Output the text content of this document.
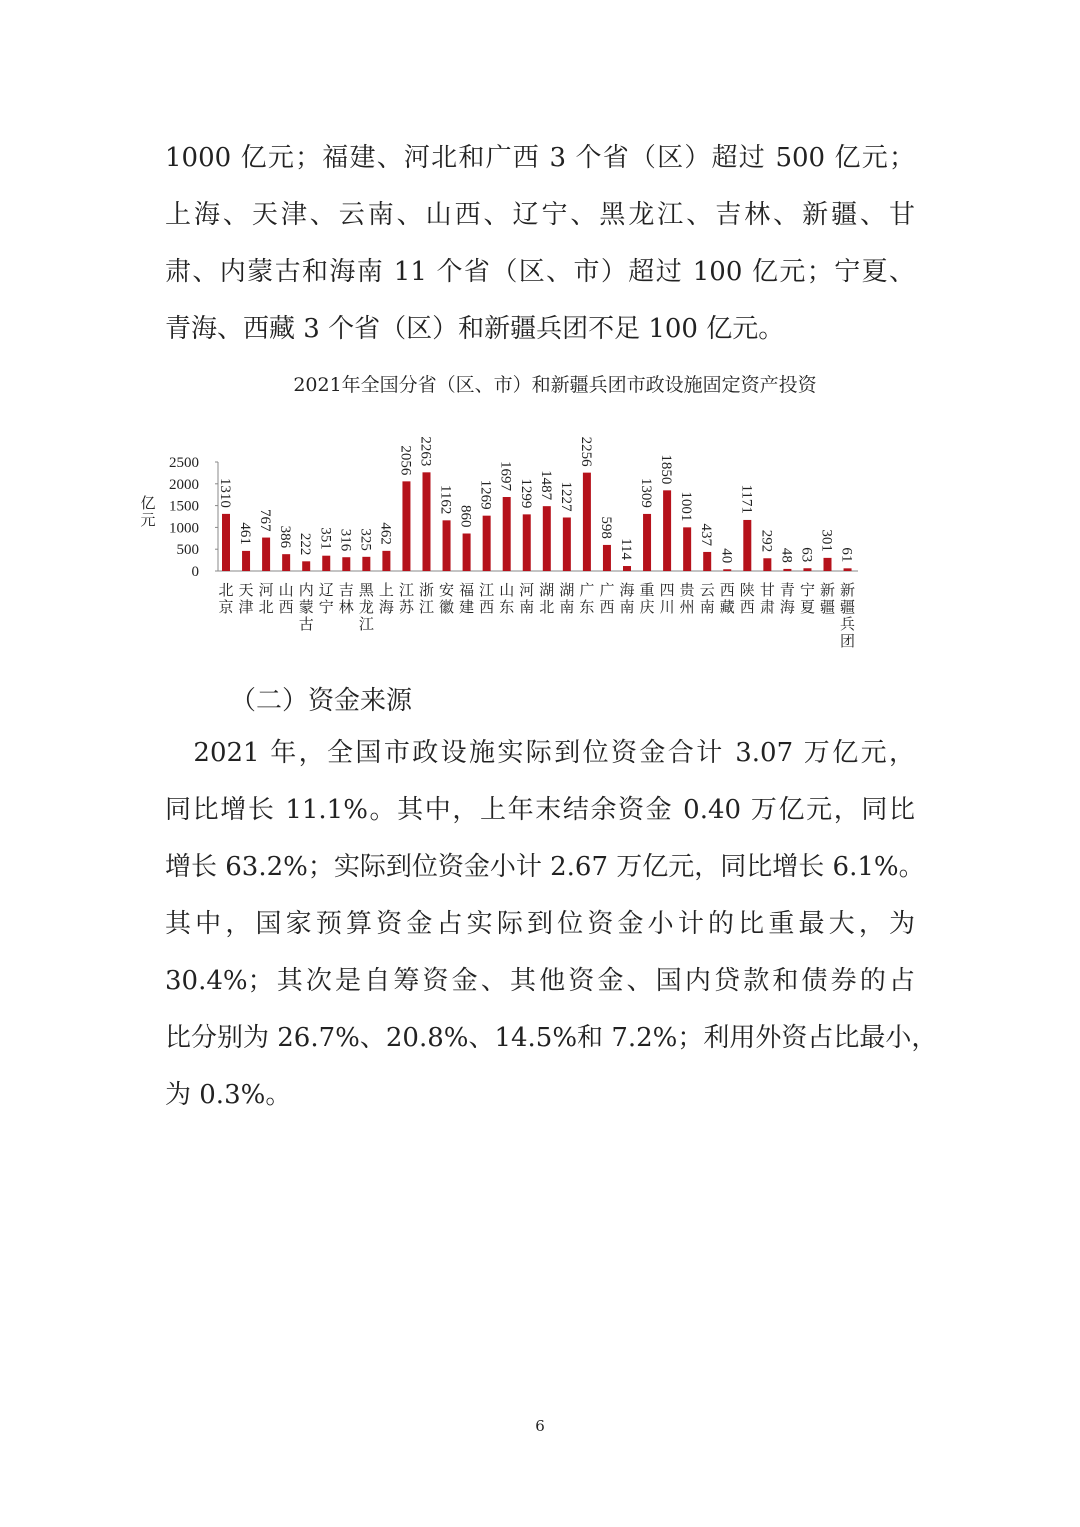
1000 亿元；福建、河北和广西 3 个省（区）超过 500 亿元；
上海、天津、云南、山西、辽宁、黑龙江、吉林、新疆、甘
肃、内蒙古和海南 11 个省（区、市）超过 100 亿元；宁夏、
青海、西藏 3 个省（区）和新疆兵团不足 100 亿元。
2021年全国分省（区、市）和新疆兵团市政设施固定资产投资
0
500
1000
1500
2000
2500
亿元
1310
北京
461
天津
767
河北
386
山西
222
内蒙古
351
辽宁
316
吉林
325
黑龙江
462
上海
2056
江苏
2263
浙江
1162
安徽
860
福建
1269
江西
1697
山东
1299
河南
1487
湖北
1227
湖南
2256
广东
598
广西
114
海南
1309
重庆
1850
四川
1001
贵州
437
云南
40
西藏
1171
陕西
292
甘肃
48
青海
63
宁夏
301
新疆
61
新疆兵团
（二）资金来源
　2021 年，全国市政设施实际到位资金合计 3.07 万亿元，
同比增长 11.1%。其中，上年末结余资金 0.40 万亿元，同比
增长 63.2%；实际到位资金小计 2.67 万亿元，同比增长 6.1%。
其中，国家预算资金占实际到位资金小计的比重最大，为
30.4%；其次是自筹资金、其他资金、国内贷款和债券的占
比分别为 26.7%、20.8%、14.5%和 7.2%；利用外资占比最小，
为 0.3%。
6
